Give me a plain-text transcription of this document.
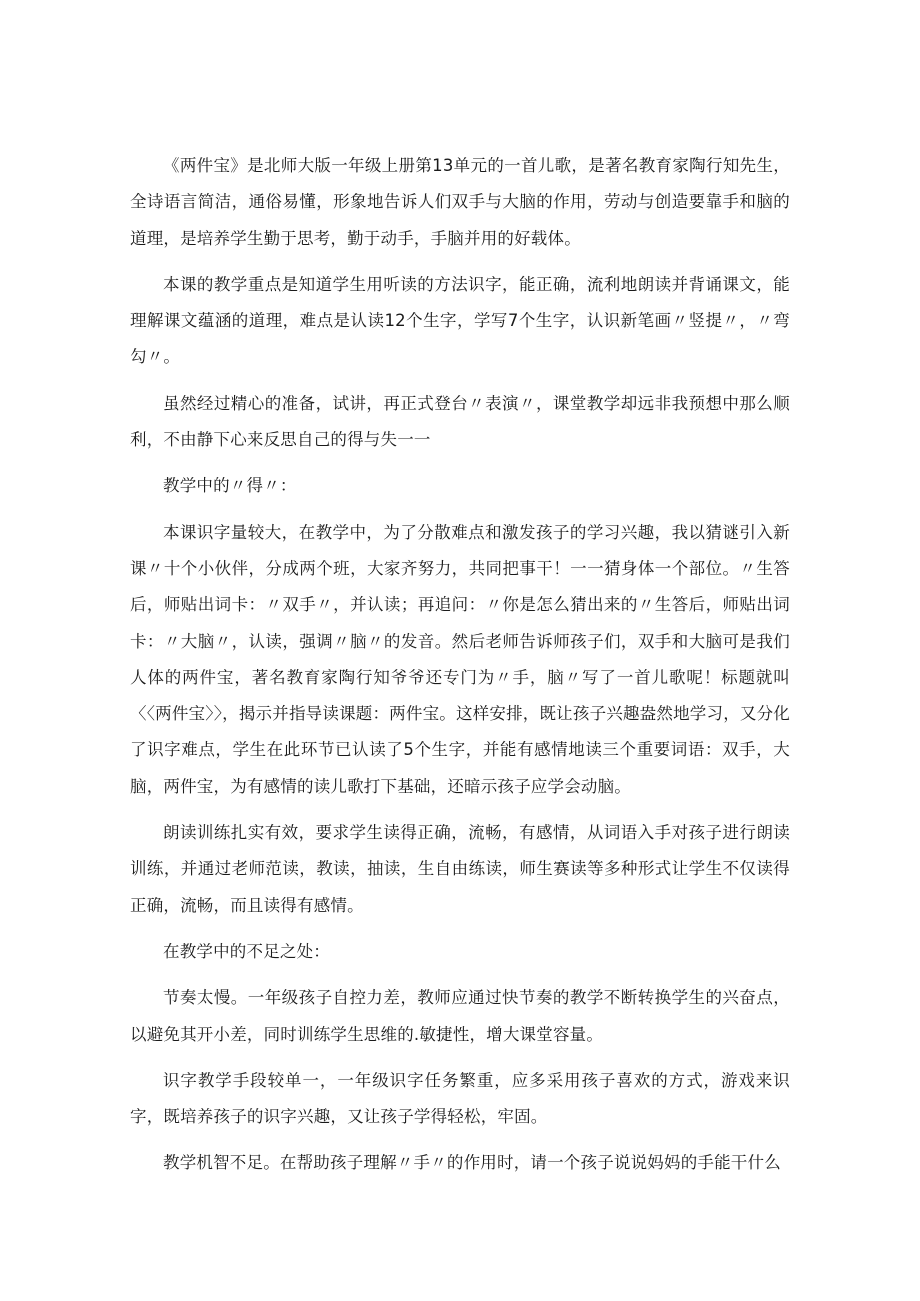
《两件宝》是北师大版一年级上册第13单元的一首儿歌，是著名教育家陶行知先生，全诗语言简洁，通俗易懂，形象地告诉人们双手与大脑的作用，劳动与创造要靠手和脑的道理，是培养学生勤于思考，勤于动手，手脑并用的好载体。

本课的教学重点是知道学生用听读的方法识字，能正确，流利地朗读并背诵课文，能理解课文蕴涵的道理，难点是认读12个生字，学写7个生字，认识新笔画〃竖提〃，〃弯勾〃。

虽然经过精心的准备，试讲，再正式登台〃表演〃，课堂教学却远非我预想中那么顺利，不由静下心来反思自己的得与失一一

教学中的〃得〃：

本课识字量较大，在教学中，为了分散难点和激发孩子的学习兴趣，我以猜谜引入新课〃十个小伙伴，分成两个班，大家齐努力，共同把事干！一一猜身体一个部位。〃生答后，师贴出词卡：〃双手〃，并认读；再追问：〃你是怎么猜出来的〃生答后，师贴出词卡：〃大脑〃，认读，强调〃脑〃的发音。然后老师告诉师孩子们，双手和大脑可是我们人体的两件宝，著名教育家陶行知爷爷还专门为〃手，脑〃写了一首儿歌呢！标题就叫〈〈两件宝〉〉，揭示并指导读课题：两件宝。这样安排，既让孩子兴趣盎然地学习，又分化了识字难点，学生在此环节已认读了5个生字，并能有感情地读三个重要词语：双手，大脑，两件宝，为有感情的读儿歌打下基础，还暗示孩子应学会动脑。

朗读训练扎实有效，要求学生读得正确，流畅，有感情，从词语入手对孩子进行朗读训练，并通过老师范读，教读，抽读，生自由练读，师生赛读等多种形式让学生不仅读得正确，流畅，而且读得有感情。

在教学中的不足之处：

节奏太慢。一年级孩子自控力差，教师应通过快节奏的教学不断转换学生的兴奋点，以避免其开小差，同时训练学生思维的.敏捷性，增大课堂容量。

识字教学手段较单一，一年级识字任务繁重，应多采用孩子喜欢的方式，游戏来识字，既培养孩子的识字兴趣，又让孩子学得轻松，牢固。

教学机智不足。在帮助孩子理解〃手〃的作用时，请一个孩子说说妈妈的手能干什么
